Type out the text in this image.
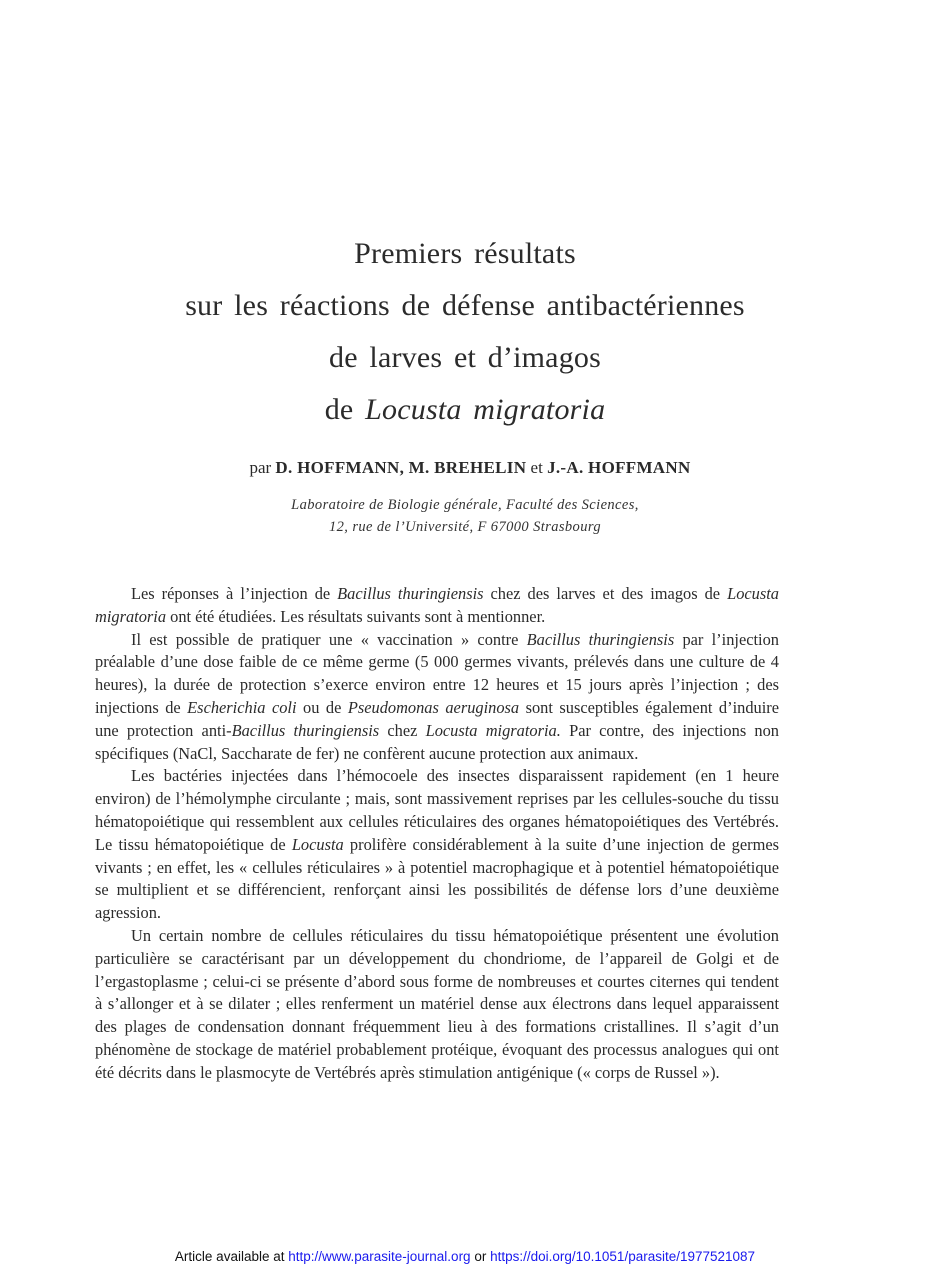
Premiers résultats
sur les réactions de défense antibactériennes
de larves et d’imagos
de Locusta migratoria
par D. HOFFMANN, M. BREHELIN et J.-A. HOFFMANN
Laboratoire de Biologie générale, Faculté des Sciences,
12, rue de l’Université, F 67000 Strasbourg

Les réponses à l’injection de Bacillus thuringiensis chez des larves et des imagos de Locusta migratoria ont été étudiées. Les résultats suivants sont à mentionner.

Il est possible de pratiquer une « vaccination » contre Bacillus thuringiensis par l’injection préalable d’une dose faible de ce même germe (5 000 germes vivants, prélevés dans une culture de 4 heures), la durée de protection s’exerce environ entre 12 heures et 15 jours après l’injection ; des injections de Escherichia coli ou de Pseudomonas aeruginosa sont susceptibles également d’induire une protection anti-Bacillus thuringiensis chez Locusta migratoria. Par contre, des injections non spécifiques (NaCl, Saccharate de fer) ne confèrent aucune protection aux animaux.

Les bactéries injectées dans l’hémocoele des insectes disparaissent rapidement (en 1 heure environ) de l’hémolymphe circulante ; mais, sont massivement reprises par les cellules-souche du tissu hématopoiétique qui ressemblent aux cellules réticulaires des organes hématopoiétiques des Vertébrés. Le tissu hématopoiétique de Locusta prolifère considérablement à la suite d’une injection de germes vivants ; en effet, les « cellules réticulaires » à potentiel macrophagique et à potentiel hématopoiétique se multiplient et se différencient, renforçant ainsi les possibilités de défense lors d’une deuxième agression.

Un certain nombre de cellules réticulaires du tissu hématopoiétique présentent une évolution particulière se caractérisant par un développement du chondriome, de l’appareil de Golgi et de l’ergastoplasme ; celui-ci se présente d’abord sous forme de nombreuses et courtes citernes qui tendent à s’allonger et à se dilater ; elles renferment un matériel dense aux électrons dans lequel apparaissent des plages de condensation donnant fréquemment lieu à des formations cristallines. Il s’agit d’un phénomène de stockage de matériel probablement protéique, évoquant des processus analogues qui ont été décrits dans le plasmocyte de Vertébrés après stimulation antigénique (« corps de Russel »).

Article available at http://www.parasite-journal.org or https://doi.org/10.1051/parasite/1977521087
